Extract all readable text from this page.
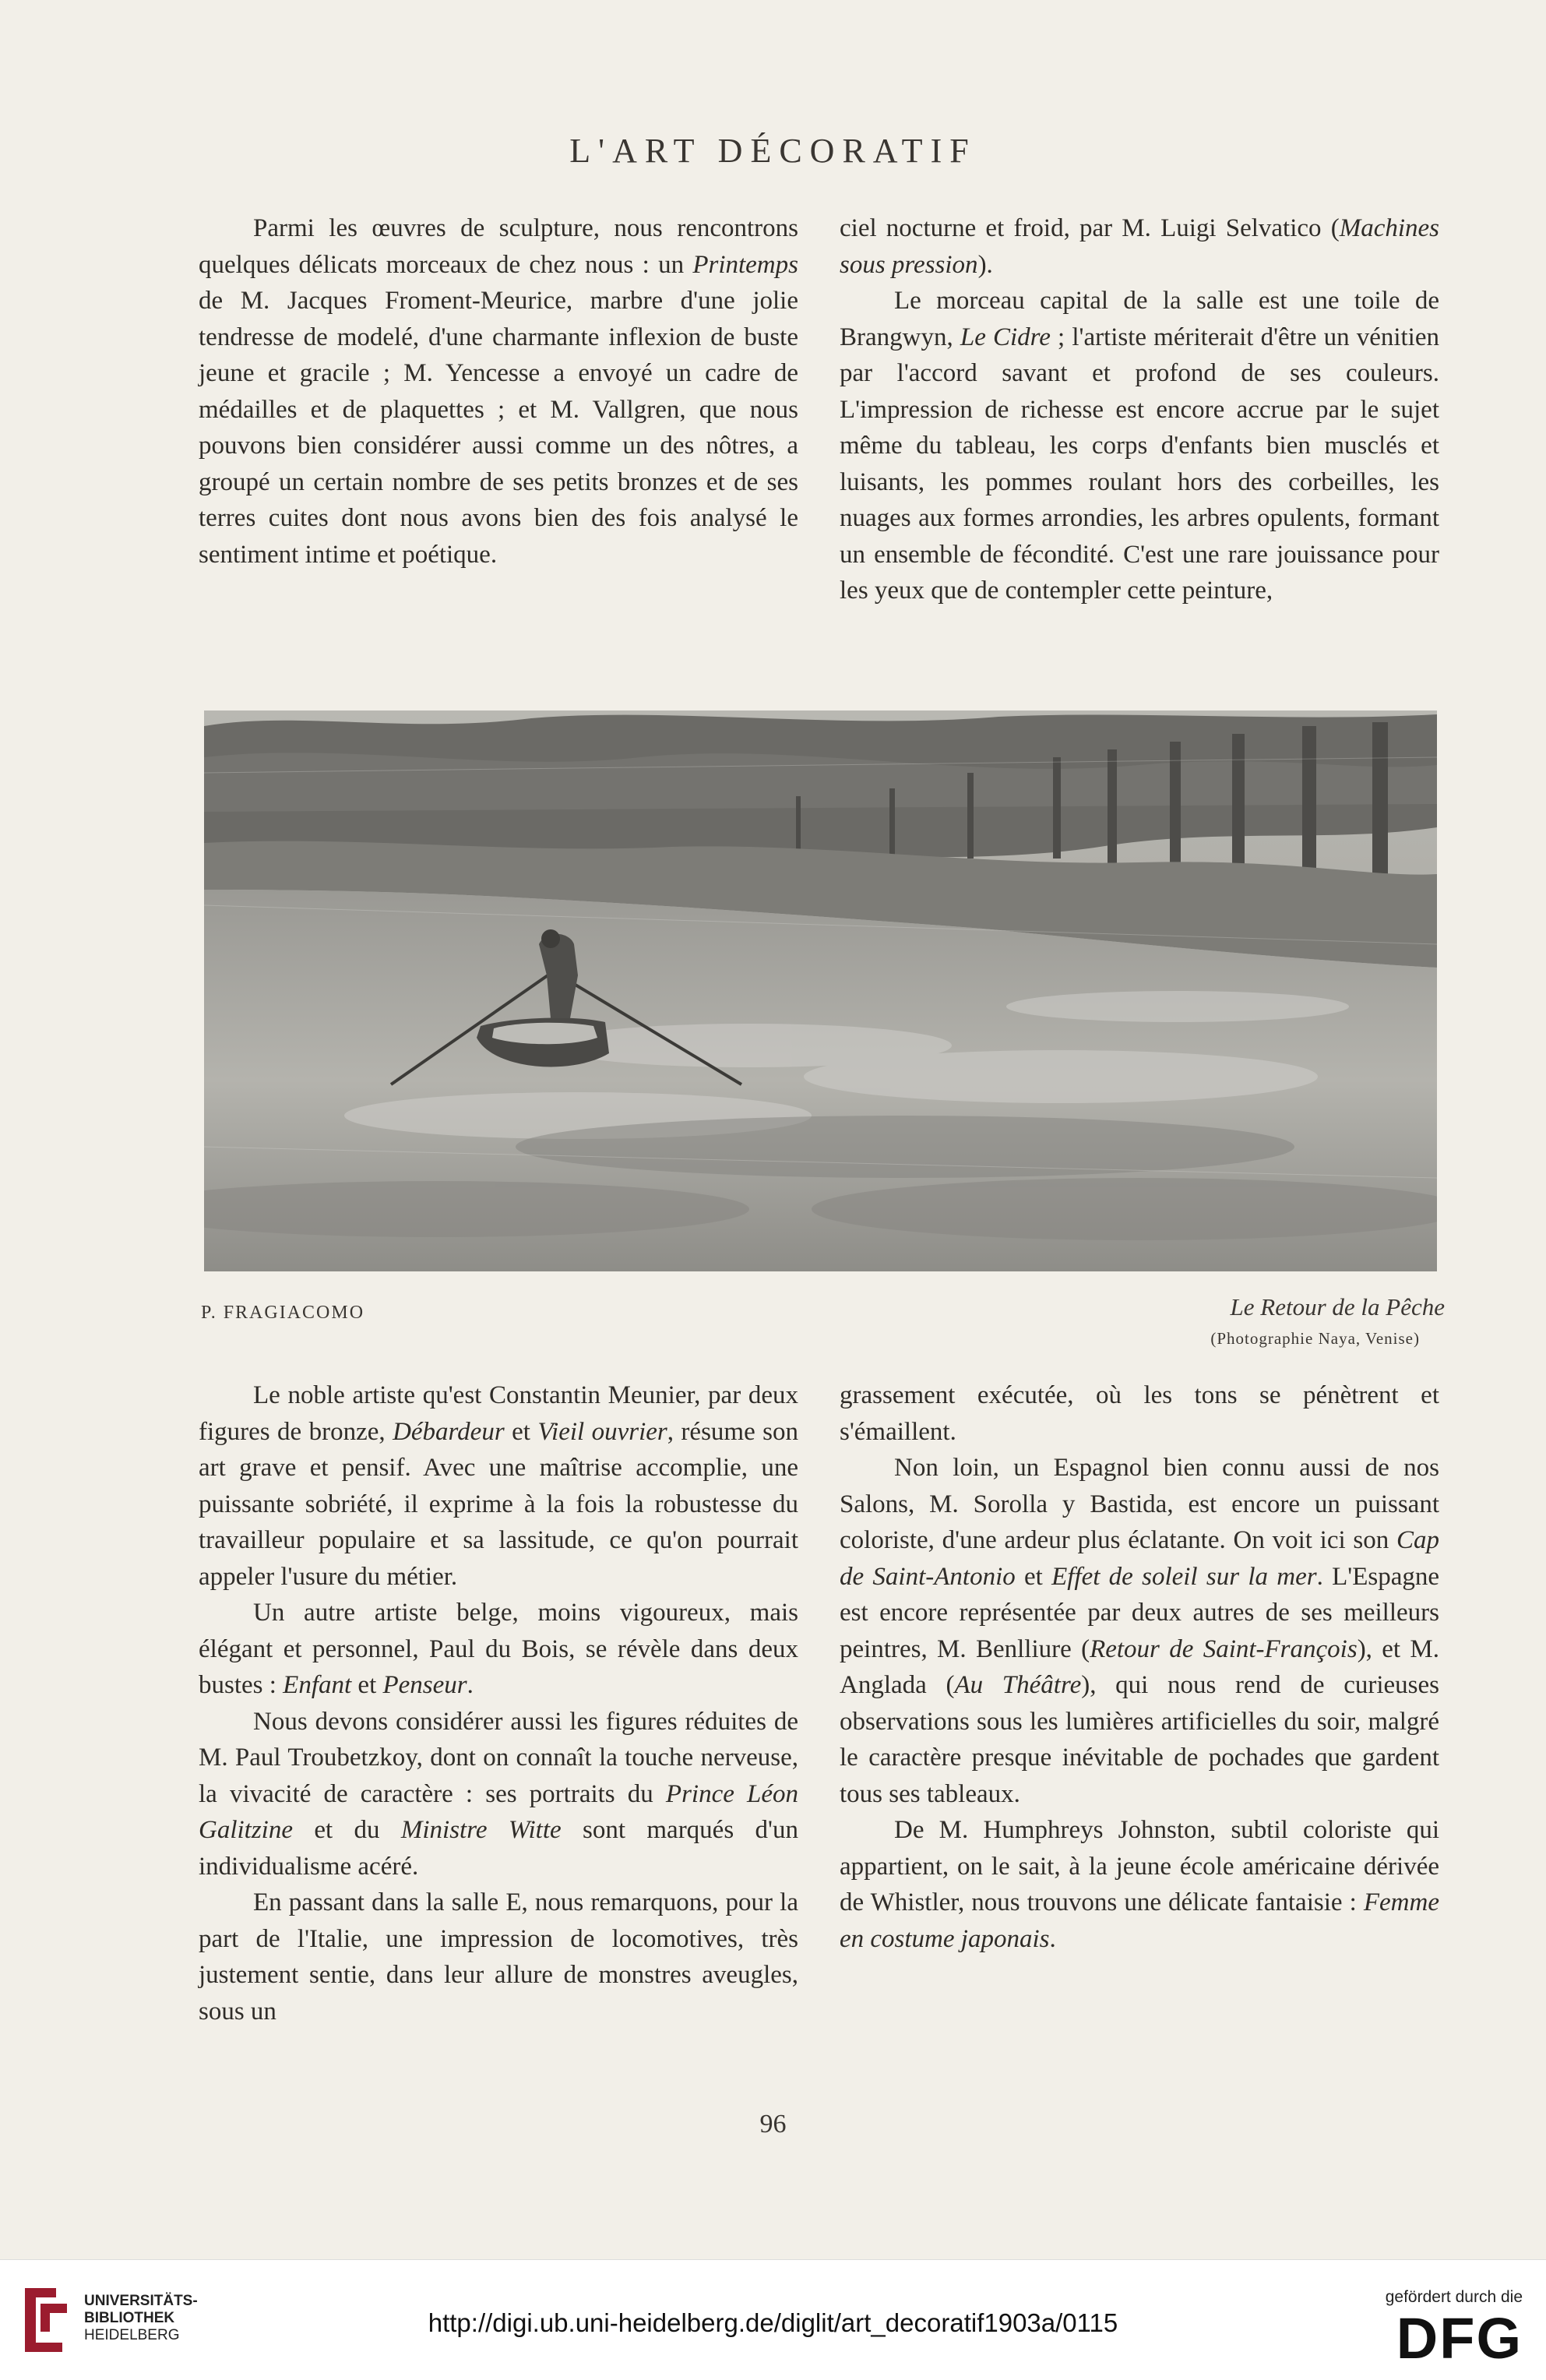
L'ART DÉCORATIF

Parmi les œuvres de sculpture, nous rencontrons quelques délicats morceaux de chez nous : un Printemps de M. Jacques Froment-Meurice, marbre d'une jolie tendresse de modelé, d'une charmante inflexion de buste jeune et gracile ; M. Yencesse a envoyé un cadre de médailles et de plaquettes ; et M. Vallgren, que nous pouvons bien considérer aussi comme un des nôtres, a groupé un certain nombre de ses petits bronzes et de ses terres cuites dont nous avons bien des fois analysé le sentiment intime et poétique.

ciel nocturne et froid, par M. Luigi Selvatico (Machines sous pression).

Le morceau capital de la salle est une toile de Brangwyn, Le Cidre ; l'artiste mériterait d'être un vénitien par l'accord savant et profond de ses couleurs. L'impression de richesse est encore accrue par le sujet même du tableau, les corps d'enfants bien musclés et luisants, les pommes roulant hors des corbeilles, les nuages aux formes arrondies, les arbres opulents, formant un ensemble de fécondité. C'est une rare jouissance pour les yeux que de contempler cette peinture,

P. FRAGIACOMO	Le Retour de la Pêche
(Photographie Naya, Venise)

Le noble artiste qu'est Constantin Meunier, par deux figures de bronze, Débardeur et Vieil ouvrier, résume son art grave et pensif. Avec une maîtrise accomplie, une puissante sobriété, il exprime à la fois la robustesse du travailleur populaire et sa lassitude, ce qu'on pourrait appeler l'usure du métier.

Un autre artiste belge, moins vigoureux, mais élégant et personnel, Paul du Bois, se révèle dans deux bustes : Enfant et Penseur.

Nous devons considérer aussi les figures réduites de M. Paul Troubetzkoy, dont on connaît la touche nerveuse, la vivacité de caractère : ses portraits du Prince Léon Galitzine et du Ministre Witte sont marqués d'un individualisme acéré.

En passant dans la salle E, nous remarquons, pour la part de l'Italie, une impression de locomotives, très justement sentie, dans leur allure de monstres aveugles, sous un

grassement exécutée, où les tons se pénètrent et s'émaillent.

Non loin, un Espagnol bien connu aussi de nos Salons, M. Sorolla y Bastida, est encore un puissant coloriste, d'une ardeur plus éclatante. On voit ici son Cap de Saint-Antonio et Effet de soleil sur la mer. L'Espagne est encore représentée par deux autres de ses meilleurs peintres, M. Benlliure (Retour de Saint-François), et M. Anglada (Au Théâtre), qui nous rend de curieuses observations sous les lumières artificielles du soir, malgré le caractère presque inévitable de pochades que gardent tous ses tableaux.

De M. Humphreys Johnston, subtil coloriste qui appartient, on le sait, à la jeune école américaine dérivée de Whistler, nous trouvons une délicate fantaisie : Femme en costume japonais.

96
UNIVERSITÄTS-
BIBLIOTHEK
HEIDELBERG	http://digi.ub.uni-heidelberg.de/diglit/art_decoratif1903a/0115
gefördert durch die
DFG
